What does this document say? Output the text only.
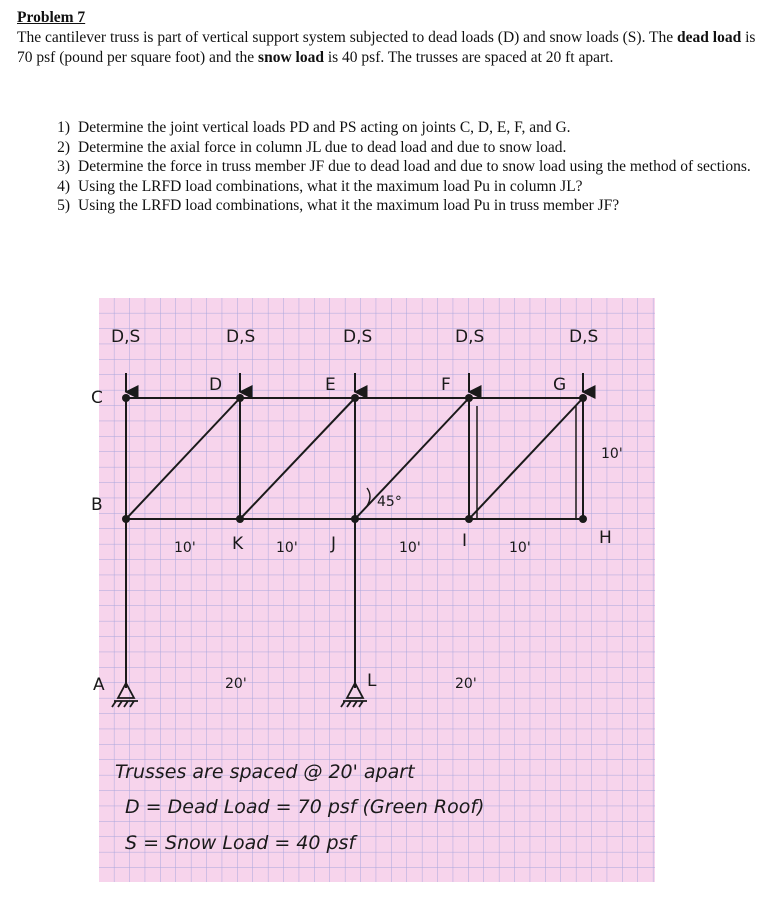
Problem 7
The cantilever truss is part of vertical support system subjected to dead loads (D) and snow loads (S). The dead load is 70 psf (pound per square foot) and the snow load is 40 psf. The trusses are spaced at 20 ft apart.
1) Determine the joint vertical loads PD and PS acting on joints C, D, E, F, and G.
2) Determine the axial force in column JL due to dead load and due to snow load.
3) Determine the force in truss member JF due to dead load and due to snow load using the method of sections.
4) Using the LRFD load combinations, what it the maximum load Pu in column JL?
5) Using the LRFD load combinations, what it the maximum load Pu in truss member JF?
D,S	D,S	D,S	D,S	D,S
C
D	E	F	G
B
K	J	I	H
A	L
10'	10'	10'	10'
10'
45°
20'	20'
Trusses are spaced @ 20' apart
D = Dead Load = 70 psf (Green Roof)
S = Snow Load = 40 psf
